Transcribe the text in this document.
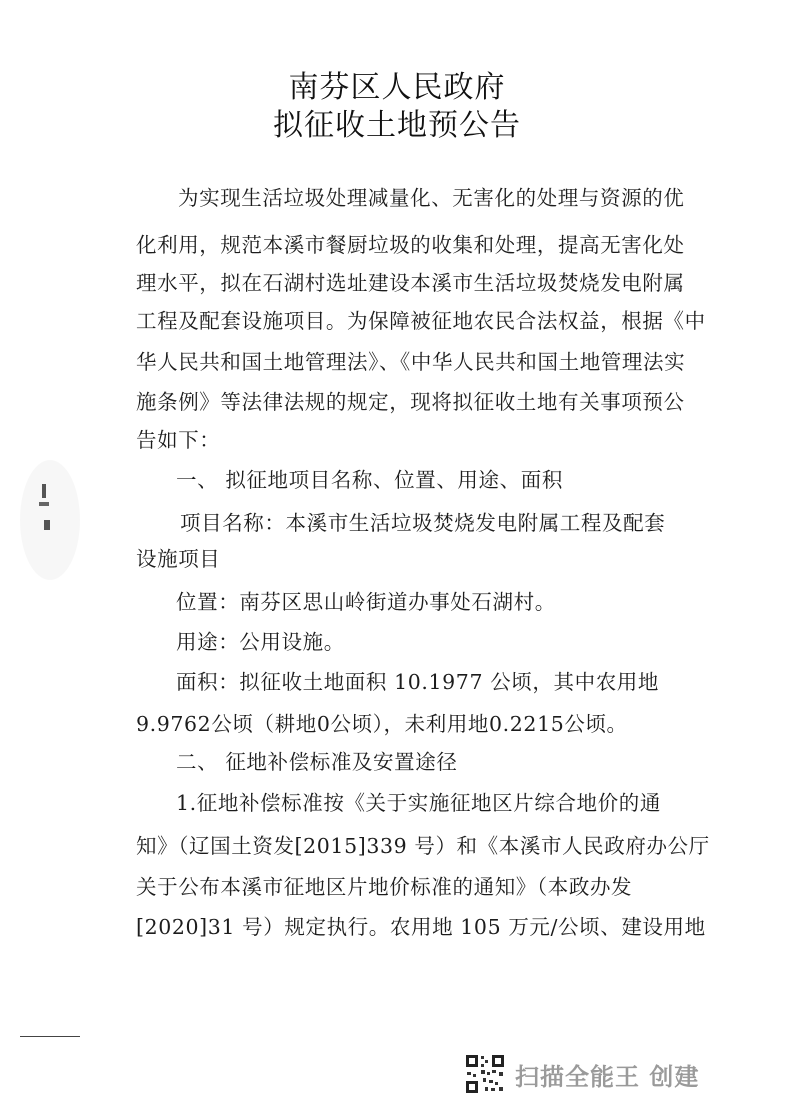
南芬区人民政府
拟征收土地预公告
为实现生活垃圾处理减量化、无害化的处理与资源的优
化利用，规范本溪市餐厨垃圾的收集和处理，提高无害化处
理水平，拟在石湖村选址建设本溪市生活垃圾焚烧发电附属
工程及配套设施项目。为保障被征地农民合法权益，根据《中
华人民共和国土地管理法》、《中华人民共和国土地管理法实
施条例》等法律法规的规定，现将拟征收土地有关事项预公
告如下：
一、 拟征地项目名称、位置、用途、面积
项目名称：本溪市生活垃圾焚烧发电附属工程及配套
设施项目
位置：南芬区思山岭街道办事处石湖村。
用途：公用设施。
面积：拟征收土地面积 10.1977 公顷，其中农用地
9.9762公顷（耕地0公顷），未利用地0.2215公顷。
二、 征地补偿标准及安置途径
1.征地补偿标准按《关于实施征地区片综合地价的通
知》（辽国土资发[2015]339 号）和《本溪市人民政府办公厅
关于公布本溪市征地区片地价标准的通知》（本政办发
[2020]31 号）规定执行。农用地 105 万元/公顷、建设用地
扫描全能王 创建
